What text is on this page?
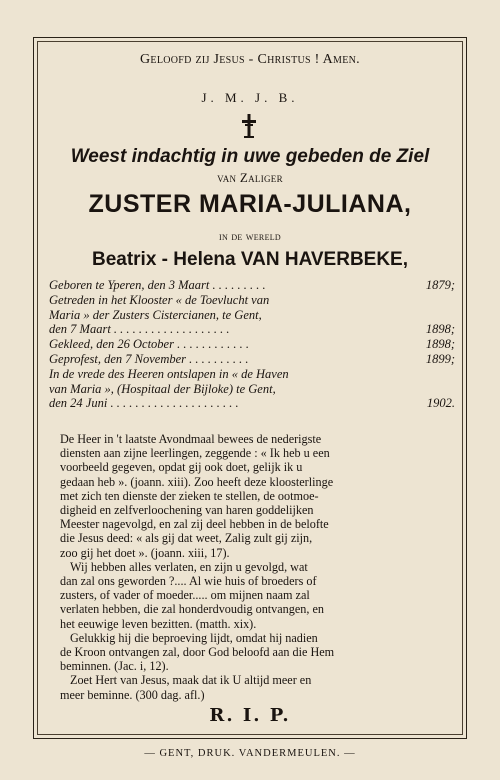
Geloofd zij Jesus - Christus ! Amen.
J. M. J. B.
Weest indachtig in uwe gebeden de Ziel
van Zaliger
ZUSTER MARIA-JULIANA,
in de wereld
Beatrix - Helena VAN HAVERBEKE,
Geboren te Yperen, den 3 Maart . . . . . . . . .	1879;
Getreden in het Klooster « de Toevlucht van
Maria » der Zusters Cistercianen, te Gent,
den 7 Maart . . . . . . . . . . . . . . . . . . .	1898;
Gekleed, den 26 October . . . . . . . . . . . .	1898;
Geprofest, den 7 November . . . . . . . . . .	1899;
In de vrede des Heeren ontslapen in « de Haven
van Maria », (Hospitaal der Bijloke) te Gent,
den 24 Juni . . . . . . . . . . . . . . . . . . . . .	1902.
De Heer in 't laatste Avondmaal bewees de nederigste
diensten aan zijne leerlingen, zeggende : « Ik heb u een
voorbeeld gegeven, opdat gij ook doet, gelijk ik u
gedaan heb ». (joann. xiii). Zoo heeft deze kloosterlinge
met zich ten dienste der zieken te stellen, de ootmoe-
digheid en zelfverloochening van haren goddelijken
Meester nagevolgd, en zal zij deel hebben in de belofte
die Jesus deed: « als gij dat weet, Zalig zult gij zijn,
zoo gij het doet ». (joann. xiii, 17).
Wij hebben alles verlaten, en zijn u gevolgd, wat
dan zal ons geworden ?.... Al wie huis of broeders of
zusters, of vader of moeder..... om mijnen naam zal
verlaten hebben, die zal honderdvoudig ontvangen, en
het eeuwige leven bezitten. (matth. xix).
Gelukkig hij die beproeving lijdt, omdat hij nadien
de Kroon ontvangen zal, door God beloofd aan die Hem
beminnen. (Jac. i, 12).
Zoet Hert van Jesus, maak dat ik U altijd meer en
meer beminne. (300 dag. afl.)
R. I. P.
— GENT, DRUK. VANDERMEULEN. —
